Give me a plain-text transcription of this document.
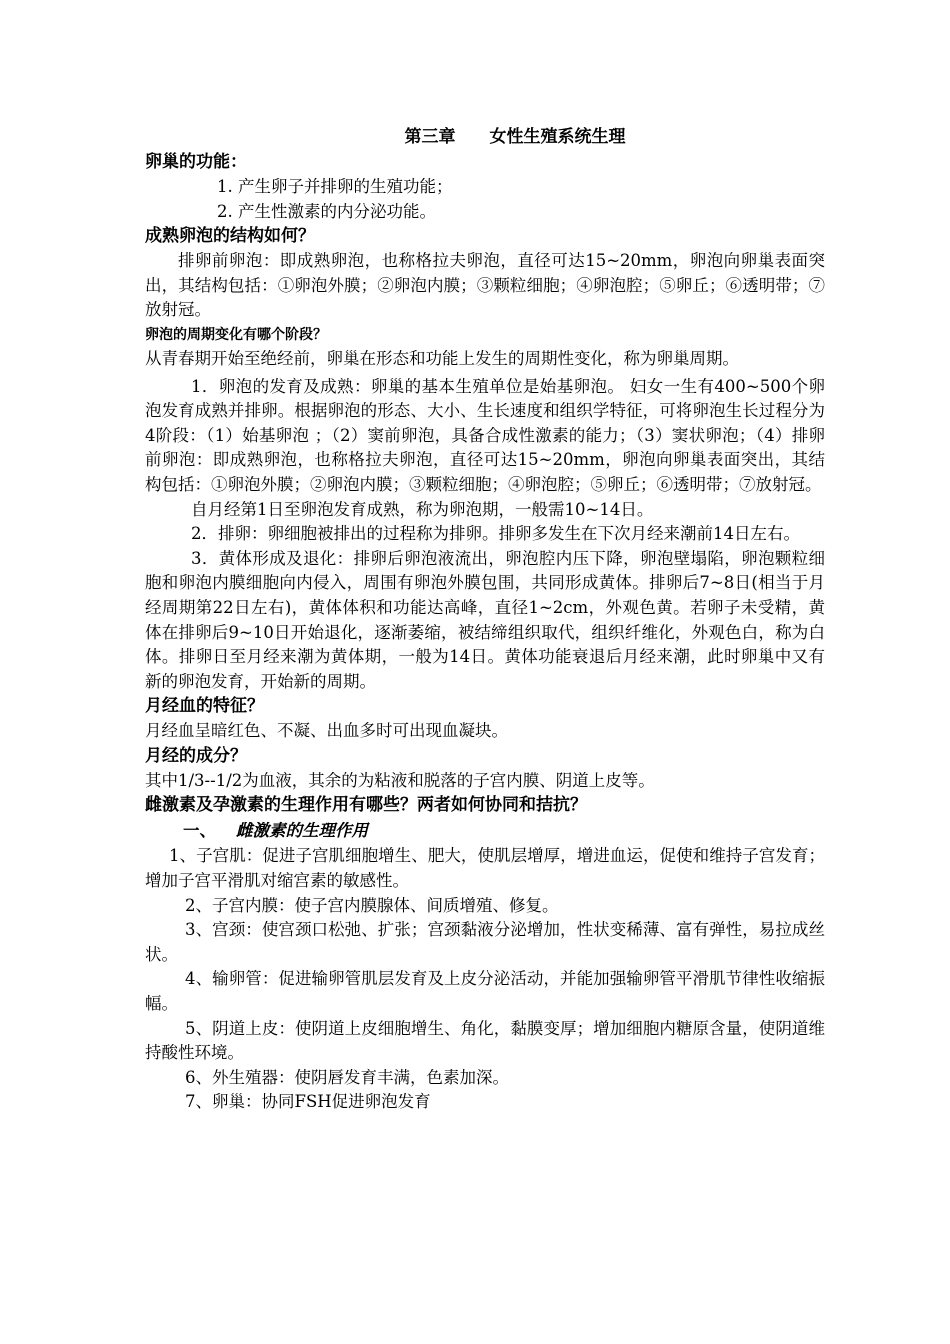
第三章　　女性生殖系统生理
卵巢的功能：

1. 产生卵子并排卵的生殖功能；

2. 产生性激素的内分泌功能。

成熟卵泡的结构如何？

排卵前卵泡：即成熟卵泡，也称格拉夫卵泡，直径可达15~20mm，卵泡向卵巢表面突出，其结构包括：①卵泡外膜；②卵泡内膜；③颗粒细胞；④卵泡腔；⑤卵丘；⑥透明带；⑦放射冠。

卵泡的周期变化有哪个阶段？

从青春期开始至绝经前，卵巢在形态和功能上发生的周期性变化，称为卵巢周期。

1．卵泡的发育及成熟：卵巢的基本生殖单位是始基卵泡。 妇女一生有400~500个卵泡发育成熟并排卵。根据卵泡的形态、大小、生长速度和组织学特征，可将卵泡生长过程分为4阶段：（1）始基卵泡 ；（2）窦前卵泡，具备合成性激素的能力；（3）窦状卵泡；（4）排卵前卵泡：即成熟卵泡，也称格拉夫卵泡，直径可达15~20mm，卵泡向卵巢表面突出，其结构包括：①卵泡外膜；②卵泡内膜；③颗粒细胞；④卵泡腔；⑤卵丘；⑥透明带；⑦放射冠。

自月经第1日至卵泡发育成熟，称为卵泡期，一般需10~14日。

2．排卵：卵细胞被排出的过程称为排卵。排卵多发生在下次月经来潮前14日左右。

3．黄体形成及退化：排卵后卵泡液流出，卵泡腔内压下降，卵泡壁塌陷，卵泡颗粒细胞和卵泡内膜细胞向内侵入，周围有卵泡外膜包围，共同形成黄体。排卵后7~8日(相当于月经周期第22日左右)，黄体体积和功能达高峰，直径1~2cm，外观色黄。若卵子未受精，黄体在排卵后9~10日开始退化，逐渐萎缩，被结缔组织取代，组织纤维化，外观色白，称为白体。排卵日至月经来潮为黄体期，一般为14日。黄体功能衰退后月经来潮，此时卵巢中又有新的卵泡发育，开始新的周期。

月经血的特征？

月经血呈暗红色、不凝、出血多时可出现血凝块。

月经的成分？

其中1/3--1/2为血液，其余的为粘液和脱落的子宫内膜、阴道上皮等。

雌激素及孕激素的生理作用有哪些？两者如何协同和拮抗？
一、 雌激素的生理作用

1、子宫肌：促进子宫肌细胞增生、肥大，使肌层增厚，增进血运，促使和维持子宫发育；增加子宫平滑肌对缩宫素的敏感性。

2、子宫内膜：使子宫内膜腺体、间质增殖、修复。

3、宫颈：使宫颈口松弛、扩张；宫颈黏液分泌增加，性状变稀薄、富有弹性，易拉成丝状。

4、输卵管：促进输卵管肌层发育及上皮分泌活动，并能加强输卵管平滑肌节律性收缩振幅。

5、阴道上皮：使阴道上皮细胞增生、角化，黏膜变厚；增加细胞内糖原含量，使阴道维持酸性环境。

6、外生殖器：使阴唇发育丰满，色素加深。

7、卵巢：协同FSH促进卵泡发育
